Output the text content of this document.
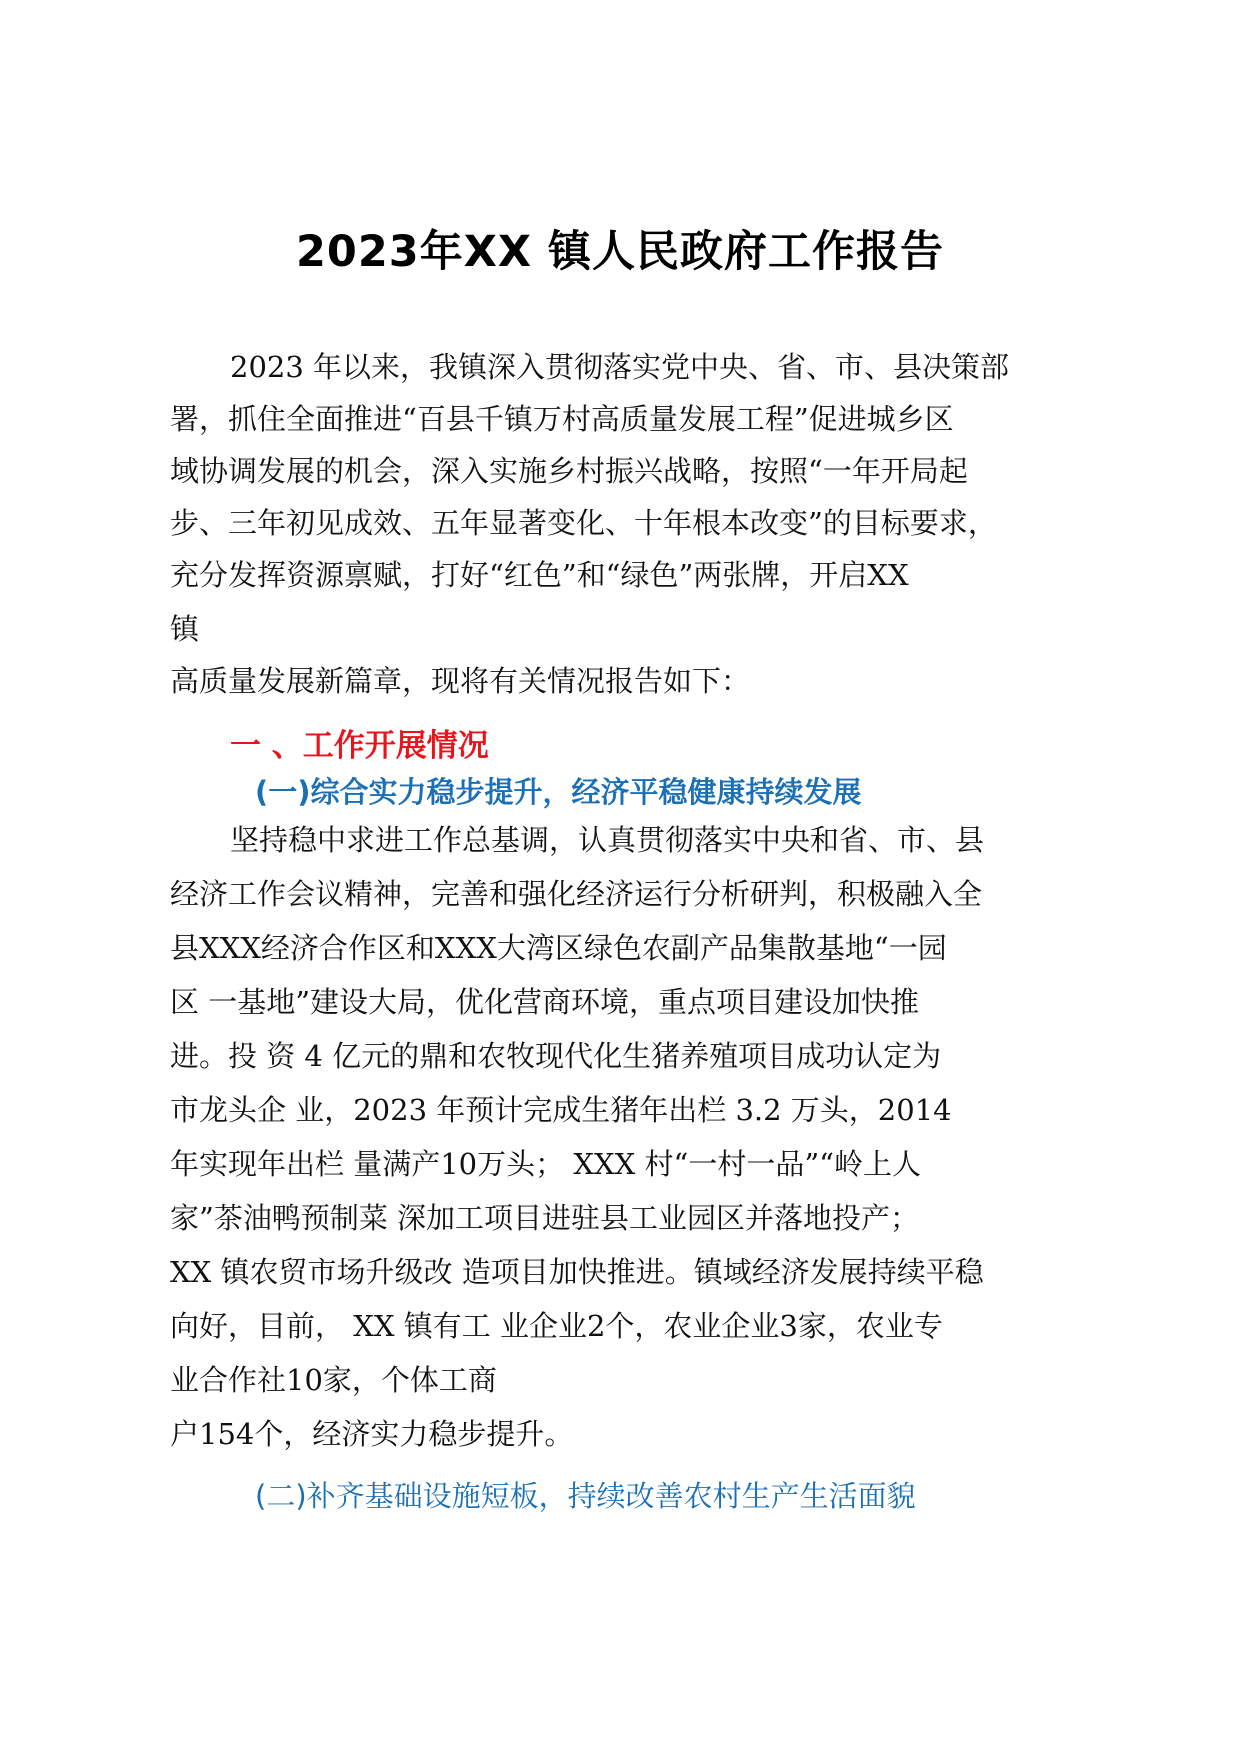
2023年XX 镇人民政府工作报告
2023 年以来，我镇深入贯彻落实党中央、省、市、县决策部
署，抓住全面推进“百县千镇万村高质量发展工程”促进城乡区
域协调发展的机会，深入实施乡村振兴战略，按照“一年开局起
步、三年初见成效、五年显著变化、十年根本改变”的目标要求，
充分发挥资源禀赋，打好“红色”和“绿色”两张牌，开启XX
镇
高质量发展新篇章，现将有关情况报告如下：
一 、工作开展情况
(一)综合实力稳步提升，经济平稳健康持续发展
坚持稳中求进工作总基调，认真贯彻落实中央和省、市、县
经济工作会议精神，完善和强化经济运行分析研判，积极融入全
县XXX经济合作区和XXX大湾区绿色农副产品集散基地“一园
区 一基地”建设大局，优化营商环境，重点项目建设加快推
进。投 资 4 亿元的鼎和农牧现代化生猪养殖项目成功认定为
市龙头企 业，2023 年预计完成生猪年出栏 3.2 万头，2014
年实现年出栏 量满产10万头； XXX 村“一村一品”“岭上人
家”茶油鸭预制菜 深加工项目进驻县工业园区并落地投产；
XX 镇农贸市场升级改 造项目加快推进。镇域经济发展持续平稳
向好，目前， XX 镇有工 业企业2个，农业企业3家，农业专
业合作社10家，个体工商
户154个，经济实力稳步提升。
(二)补齐基础设施短板，持续改善农村生产生活面貌
